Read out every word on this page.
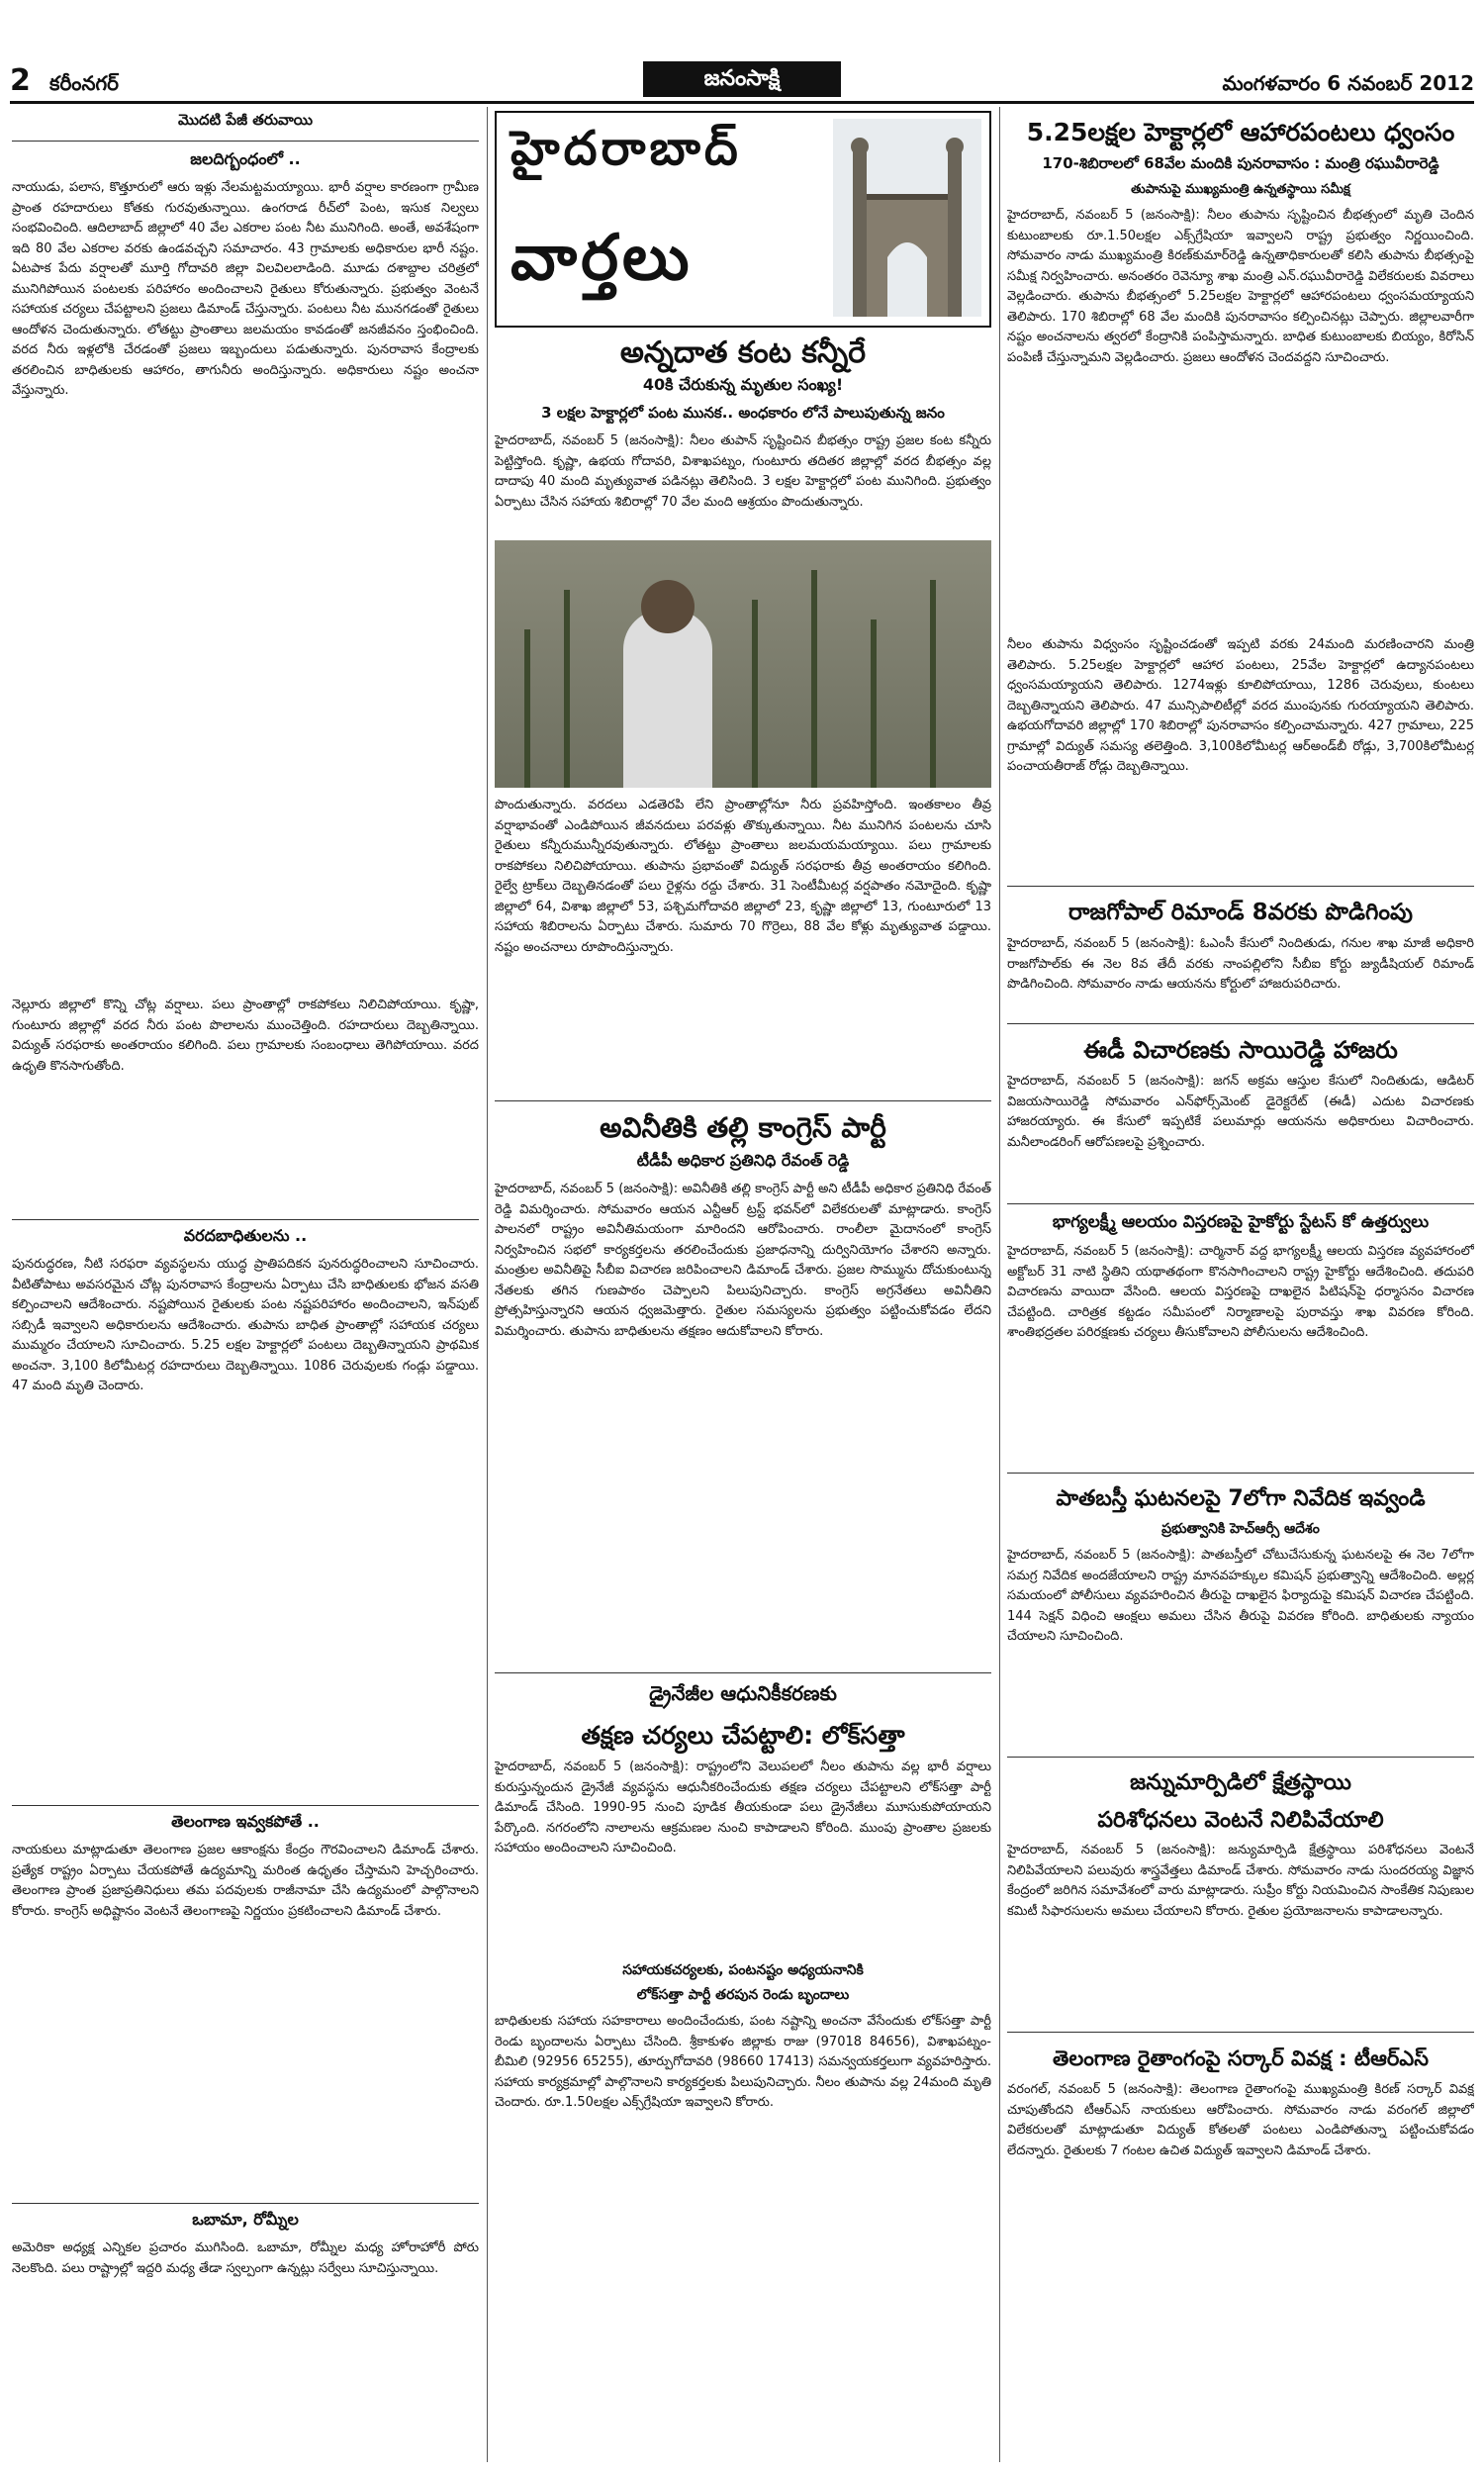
2 కరీంనగర్	జనంసాక్షి	మంగళవారం 6 నవంబర్ 2012
మొదటి పేజీ తరువాయి
జలదిగ్బంధంలో ..

నాయుడు, పలాస, కొత్తూరులో ఆరు ఇళ్లు నేలమట్టమయ్యాయి. భారీ వర్షాల కారణంగా గ్రామీణ ప్రాంత రహదారులు కోతకు గురవుతున్నాయి. ఉంగరాడ రీచ్‌లో పెంట, ఇసుక నిల్వలు సంభవించింది. ఆదిలాబాద్ జిల్లాలో 40 వేల ఎకరాల పంట నీట మునిగింది. అంతే, అవశేషంగా ఇది 80 వేల ఎకరాల వరకు ఉండవచ్చని సమాచారం. 43 గ్రామాలకు అధికారుల భారీ నష్టం. ఏటపాక పేదు వర్షాలతో మూర్తి గోదావరి జిల్లా విలవిలలాడింది. మూడు దశాబ్దాల చరిత్రలో మునిగిపోయిన పంటలకు పరిహారం అందించాలని రైతులు కోరుతున్నారు. ప్రభుత్వం వెంటనే సహాయక చర్యలు చేపట్టాలని ప్రజలు డిమాండ్ చేస్తున్నారు. పంటలు నీట మునగడంతో రైతులు ఆందోళన చెందుతున్నారు. లోతట్టు ప్రాంతాలు జలమయం కావడంతో జనజీవనం స్తంభించింది. వరద నీరు ఇళ్లలోకి చేరడంతో ప్రజలు ఇబ్బందులు పడుతున్నారు. పునరావాస కేంద్రాలకు తరలించిన బాధితులకు ఆహారం, తాగునీరు అందిస్తున్నారు. అధికారులు నష్టం అంచనా వేస్తున్నారు.

నెల్లూరు జిల్లాలో కొన్ని చోట్ల వర్షాలు. పలు ప్రాంతాల్లో రాకపోకలు నిలిచిపోయాయి. కృష్ణా, గుంటూరు జిల్లాల్లో వరద నీరు పంట పొలాలను ముంచెత్తింది. రహదారులు దెబ్బతిన్నాయి. విద్యుత్ సరఫరాకు అంతరాయం కలిగింది. పలు గ్రామాలకు సంబంధాలు తెగిపోయాయి. వరద ఉధృతి కొనసాగుతోంది.

వరదబాధితులను ..

పునరుద్ధరణ, నీటి సరఫరా వ్యవస్థలను యుద్ధ ప్రాతిపదికన పునరుద్ధరించాలని సూచించారు. వీటితోపాటు అవసరమైన చోట్ల పునరావాస కేంద్రాలను ఏర్పాటు చేసి బాధితులకు భోజన వసతి కల్పించాలని ఆదేశించారు. నష్టపోయిన రైతులకు పంట నష్టపరిహారం అందించాలని, ఇన్‌పుట్ సబ్సిడీ ఇవ్వాలని అధికారులను ఆదేశించారు. తుపాను బాధిత ప్రాంతాల్లో సహాయక చర్యలు ముమ్మరం చేయాలని సూచించారు. 5.25 లక్షల హెక్టార్లలో పంటలు దెబ్బతిన్నాయని ప్రాథమిక అంచనా. 3,100 కిలోమీటర్ల రహదారులు దెబ్బతిన్నాయి. 1086 చెరువులకు గండ్లు పడ్డాయి. 47 మంది మృతి చెందారు.

తెలంగాణ ఇవ్వకపోతే ..

నాయకులు మాట్లాడుతూ తెలంగాణ ప్రజల ఆకాంక్షను కేంద్రం గౌరవించాలని డిమాండ్ చేశారు. ప్రత్యేక రాష్ట్రం ఏర్పాటు చేయకపోతే ఉద్యమాన్ని మరింత ఉధృతం చేస్తామని హెచ్చరించారు. తెలంగాణ ప్రాంత ప్రజాప్రతినిధులు తమ పదవులకు రాజీనామా చేసి ఉద్యమంలో పాల్గొనాలని కోరారు. కాంగ్రెస్ అధిష్టానం వెంటనే తెలంగాణపై నిర్ణయం ప్రకటించాలని డిమాండ్ చేశారు.

ఒబామా, రోమ్నీల

అమెరికా అధ్యక్ష ఎన్నికల ప్రచారం ముగిసింది. ఒబామా, రోమ్నీల మధ్య హోరాహోరీ పోరు నెలకొంది. పలు రాష్ట్రాల్లో ఇద్దరి మధ్య తేడా స్వల్పంగా ఉన్నట్లు సర్వేలు సూచిస్తున్నాయి.

హైదరాబాద్
వార్తలు
అన్నదాత కంట కన్నీరే
40కి చేరుకున్న మృతుల సంఖ్య!
3 లక్షల హెక్టార్లలో పంట మునక.. అంధకారం లోనే పాలుపుతున్న జనం

హైదరాబాద్, నవంబర్ 5 (జనంసాక్షి): నీలం తుపాన్ సృష్టించిన బీభత్సం రాష్ట్ర ప్రజల కంట కన్నీరు పెట్టిస్తోంది. కృష్ణా, ఉభయ గోదావరి, విశాఖపట్నం, గుంటూరు తదితర జిల్లాల్లో వరద బీభత్సం వల్ల దాదాపు 40 మంది మృత్యువాత పడినట్లు తెలిసింది. 3 లక్షల హెక్టార్లలో పంట మునిగింది. ప్రభుత్వం ఏర్పాటు చేసిన సహాయ శిబిరాల్లో 70 వేల మంది ఆశ్రయం పొందుతున్నారు.

పొందుతున్నారు. వరదలు ఎడతెరపి లేని ప్రాంతాల్లోనూ నీరు ప్రవహిస్తోంది. ఇంతకాలం తీవ్ర వర్షాభావంతో ఎండిపోయిన జీవనదులు పరవళ్లు తొక్కుతున్నాయి. నీట మునిగిన పంటలను చూసి రైతులు కన్నీరుమున్నీరవుతున్నారు. లోతట్టు ప్రాంతాలు జలమయమయ్యాయి. పలు గ్రామాలకు రాకపోకలు నిలిచిపోయాయి. తుపాను ప్రభావంతో విద్యుత్ సరఫరాకు తీవ్ర అంతరాయం కలిగింది. రైల్వే ట్రాక్‌లు దెబ్బతినడంతో పలు రైళ్లను రద్దు చేశారు. 31 సెంటీమీటర్ల వర్షపాతం నమోదైంది. కృష్ణా జిల్లాలో 64, విశాఖ జిల్లాలో 53, పశ్చిమగోదావరి జిల్లాలో 23, కృష్ణా జిల్లాలో 13, గుంటూరులో 13 సహాయ శిబిరాలను ఏర్పాటు చేశారు. సుమారు 70 గొర్రెలు, 88 వేల కోళ్లు మృత్యువాత పడ్డాయి. నష్టం అంచనాలు రూపొందిస్తున్నారు.

అవినీతికి తల్లి కాంగ్రెస్ పార్టీ
టీడీపీ అధికార ప్రతినిధి రేవంత్ రెడ్డి

హైదరాబాద్, నవంబర్ 5 (జనంసాక్షి): అవినీతికి తల్లి కాంగ్రెస్ పార్టీ అని టీడీపీ అధికార ప్రతినిధి రేవంత్ రెడ్డి విమర్శించారు. సోమవారం ఆయన ఎన్టీఆర్ ట్రస్ట్ భవన్‌లో విలేకరులతో మాట్లాడారు. కాంగ్రెస్ పాలనలో రాష్ట్రం అవినీతిమయంగా మారిందని ఆరోపించారు. రాంలీలా మైదానంలో కాంగ్రెస్ నిర్వహించిన సభలో కార్యకర్తలను తరలించేందుకు ప్రజాధనాన్ని దుర్వినియోగం చేశారని అన్నారు. మంత్రుల అవినీతిపై సీబీఐ విచారణ జరిపించాలని డిమాండ్ చేశారు. ప్రజల సొమ్మును దోచుకుంటున్న నేతలకు తగిన గుణపాఠం చెప్పాలని పిలుపునిచ్చారు. కాంగ్రెస్ అగ్రనేతలు అవినీతిని ప్రోత్సహిస్తున్నారని ఆయన ధ్వజమెత్తారు. రైతుల సమస్యలను ప్రభుత్వం పట్టించుకోవడం లేదని విమర్శించారు. తుపాను బాధితులను తక్షణం ఆదుకోవాలని కోరారు.

డ్రైనేజీల ఆధునికీకరణకు
తక్షణ చర్యలు చేపట్టాలి: లోక్‌సత్తా

హైదరాబాద్, నవంబర్ 5 (జనంసాక్షి): రాష్ట్రంలోని వెలుపలలో నీలం తుపాను వల్ల భారీ వర్షాలు కురుస్తున్నందున డ్రైనేజీ వ్యవస్థను ఆధునీకరించేందుకు తక్షణ చర్యలు చేపట్టాలని లోక్‌సత్తా పార్టీ డిమాండ్ చేసింది. 1990-95 నుంచి పూడిక తీయకుండా పలు డ్రైనేజీలు మూసుకుపోయాయని పేర్కొంది. నగరంలోని నాలాలను ఆక్రమణల నుంచి కాపాడాలని కోరింది. ముంపు ప్రాంతాల ప్రజలకు సహాయం అందించాలని సూచించింది.

సహాయకచర్యలకు, పంటనష్టం అధ్యయనానికి
లోక్‌సత్తా పార్టీ తరపున రెండు బృందాలు

బాధితులకు సహాయ సహకారాలు అందించేందుకు, పంట నష్టాన్ని అంచనా వేసేందుకు లోక్‌సత్తా పార్టీ రెండు బృందాలను ఏర్పాటు చేసింది. శ్రీకాకుళం జిల్లాకు రాజు (97018 84656), విశాఖపట్నం-బీమిలి (92956 65255), తూర్పుగోదావరి (98660 17413) సమన్వయకర్తలుగా వ్యవహరిస్తారు. సహాయ కార్యక్రమాల్లో పాల్గొనాలని కార్యకర్తలకు పిలుపునిచ్చారు. నీలం తుపాను వల్ల 24మంది మృతి చెందారు. రూ.1.50లక్షల ఎక్స్‌గ్రేషియా ఇవ్వాలని కోరారు.

5.25లక్షల హెక్టార్లలో ఆహారపంటలు ధ్వంసం
170-శిబిరాలలో 68వేల మందికి పునరావాసం : మంత్రి రఘువీరారెడ్డి
తుపానుపై ముఖ్యమంత్రి ఉన్నతస్థాయి సమీక్ష

హైదరాబాద్, నవంబర్ 5 (జనంసాక్షి): నీలం తుపాను సృష్టించిన బీభత్సంలో మృతి చెందిన కుటుంబాలకు రూ.1.50లక్షల ఎక్స్‌గ్రేషియా ఇవ్వాలని రాష్ట్ర ప్రభుత్వం నిర్ణయించింది. సోమవారం నాడు ముఖ్యమంత్రి కిరణ్‌కుమార్‌రెడ్డి ఉన్నతాధికారులతో కలిసి తుపాను బీభత్సంపై సమీక్ష నిర్వహించారు. అనంతరం రెవెన్యూ శాఖ మంత్రి ఎన్.రఘువీరారెడ్డి విలేకరులకు వివరాలు వెల్లడించారు. తుపాను బీభత్సంలో 5.25లక్షల హెక్టార్లలో ఆహారపంటలు ధ్వంసమయ్యాయని తెలిపారు. 170 శిబిరాల్లో 68 వేల మందికి పునరావాసం కల్పించినట్లు చెప్పారు. జిల్లాలవారీగా నష్టం అంచనాలను త్వరలో కేంద్రానికి పంపిస్తామన్నారు. బాధిత కుటుంబాలకు బియ్యం, కిరోసిన్ పంపిణీ చేస్తున్నామని వెల్లడించారు. ప్రజలు ఆందోళన చెందవద్దని సూచించారు.

నీలం తుపాను విధ్వంసం సృష్టించడంతో ఇప్పటి వరకు 24మంది మరణించారని మంత్రి తెలిపారు. 5.25లక్షల హెక్టార్లలో ఆహార పంటలు, 25వేల హెక్టార్లలో ఉద్యానపంటలు ధ్వంసమయ్యాయని తెలిపారు. 1274ఇళ్లు కూలిపోయాయి, 1286 చెరువులు, కుంటలు దెబ్బతిన్నాయని తెలిపారు. 47 మున్సిపాలిటీల్లో వరద ముంపునకు గురయ్యాయని తెలిపారు. ఉభయగోదావరి జిల్లాల్లో 170 శిబిరాల్లో పునరావాసం కల్పించామన్నారు. 427 గ్రామాలు, 225 గ్రామాల్లో విద్యుత్ సమస్య తలెత్తింది. 3,100కిలోమీటర్ల ఆర్‌అండ్‌బీ రోడ్లు, 3,700కిలోమీటర్ల పంచాయతీరాజ్ రోడ్లు దెబ్బతిన్నాయి.

రాజగోపాల్ రిమాండ్ 8వరకు పొడిగింపు

హైదరాబాద్, నవంబర్ 5 (జనంసాక్షి): ఓఎంసీ కేసులో నిందితుడు, గనుల శాఖ మాజీ అధికారి రాజగోపాల్‌కు ఈ నెల 8వ తేదీ వరకు నాంపల్లిలోని సీబీఐ కోర్టు జ్యుడీషియల్‌ రిమాండ్ పొడిగించింది. సోమవారం నాడు ఆయనను కోర్టులో హాజరుపరిచారు.

ఈడీ విచారణకు సాయిరెడ్డి హాజరు

హైదరాబాద్, నవంబర్ 5 (జనంసాక్షి): జగన్ అక్రమ ఆస్తుల కేసులో నిందితుడు, ఆడిటర్ విజయసాయిరెడ్డి సోమవారం ఎన్‌ఫోర్స్‌మెంట్ డైరెక్టరేట్ (ఈడీ) ఎదుట విచారణకు హాజరయ్యారు. ఈ కేసులో ఇప్పటికే పలుమార్లు ఆయనను అధికారులు విచారించారు. మనీలాండరింగ్ ఆరోపణలపై ప్రశ్నించారు.

భాగ్యలక్ష్మీ ఆలయం విస్తరణపై హైకోర్టు స్టేటస్ కో ఉత్తర్వులు

హైదరాబాద్, నవంబర్ 5 (జనంసాక్షి): చార్మినార్ వద్ద భాగ్యలక్ష్మీ ఆలయ విస్తరణ వ్యవహారంలో అక్టోబర్ 31 నాటి స్థితిని యథాతథంగా కొనసాగించాలని రాష్ట్ర హైకోర్టు ఆదేశించింది. తదుపరి విచారణను వాయిదా వేసింది. ఆలయ విస్తరణపై దాఖలైన పిటిషన్‌పై ధర్మాసనం విచారణ చేపట్టింది. చారిత్రక కట్టడం సమీపంలో నిర్మాణాలపై పురావస్తు శాఖ వివరణ కోరింది. శాంతిభద్రతల పరిరక్షణకు చర్యలు తీసుకోవాలని పోలీసులను ఆదేశించింది.

పాతబస్తీ ఘటనలపై 7లోగా నివేదిక ఇవ్వండి
ప్రభుత్వానికి హెచ్ఆర్సీ ఆదేశం

హైదరాబాద్, నవంబర్ 5 (జనంసాక్షి): పాతబస్తీలో చోటుచేసుకున్న ఘటనలపై ఈ నెల 7లోగా సమగ్ర నివేదిక అందజేయాలని రాష్ట్ర మానవహక్కుల కమిషన్ ప్రభుత్వాన్ని ఆదేశించింది. అల్లర్ల సమయంలో పోలీసులు వ్యవహరించిన తీరుపై దాఖలైన ఫిర్యాదుపై కమిషన్ విచారణ చేపట్టింది. 144 సెక్షన్ విధించి ఆంక్షలు అమలు చేసిన తీరుపై వివరణ కోరింది. బాధితులకు న్యాయం చేయాలని సూచించింది.

జన్నుమార్పిడిలో క్షేత్రస్థాయి
పరిశోధనలు వెంటనే నిలిపివేయాలి

హైదరాబాద్, నవంబర్ 5 (జనంసాక్షి): జన్యుమార్పిడి క్షేత్రస్థాయి పరిశోధనలు వెంటనే నిలిపివేయాలని పలువురు శాస్త్రవేత్తలు డిమాండ్ చేశారు. సోమవారం నాడు సుందరయ్య విజ్ఞాన కేంద్రంలో జరిగిన సమావేశంలో వారు మాట్లాడారు. సుప్రీం కోర్టు నియమించిన సాంకేతిక నిపుణుల కమిటీ సిఫారసులను అమలు చేయాలని కోరారు. రైతుల ప్రయోజనాలను కాపాడాలన్నారు.

తెలంగాణ రైతాంగంపై సర్కార్ వివక్ష : టీఆర్ఎస్

వరంగల్, నవంబర్ 5 (జనంసాక్షి): తెలంగాణ రైతాంగంపై ముఖ్యమంత్రి కిరణ్ సర్కార్ వివక్ష చూపుతోందని టీఆర్ఎస్ నాయకులు ఆరోపించారు. సోమవారం నాడు వరంగల్ జిల్లాలో విలేకరులతో మాట్లాడుతూ విద్యుత్ కోతలతో పంటలు ఎండిపోతున్నా పట్టించుకోవడం లేదన్నారు. రైతులకు 7 గంటల ఉచిత విద్యుత్ ఇవ్వాలని డిమాండ్ చేశారు.
